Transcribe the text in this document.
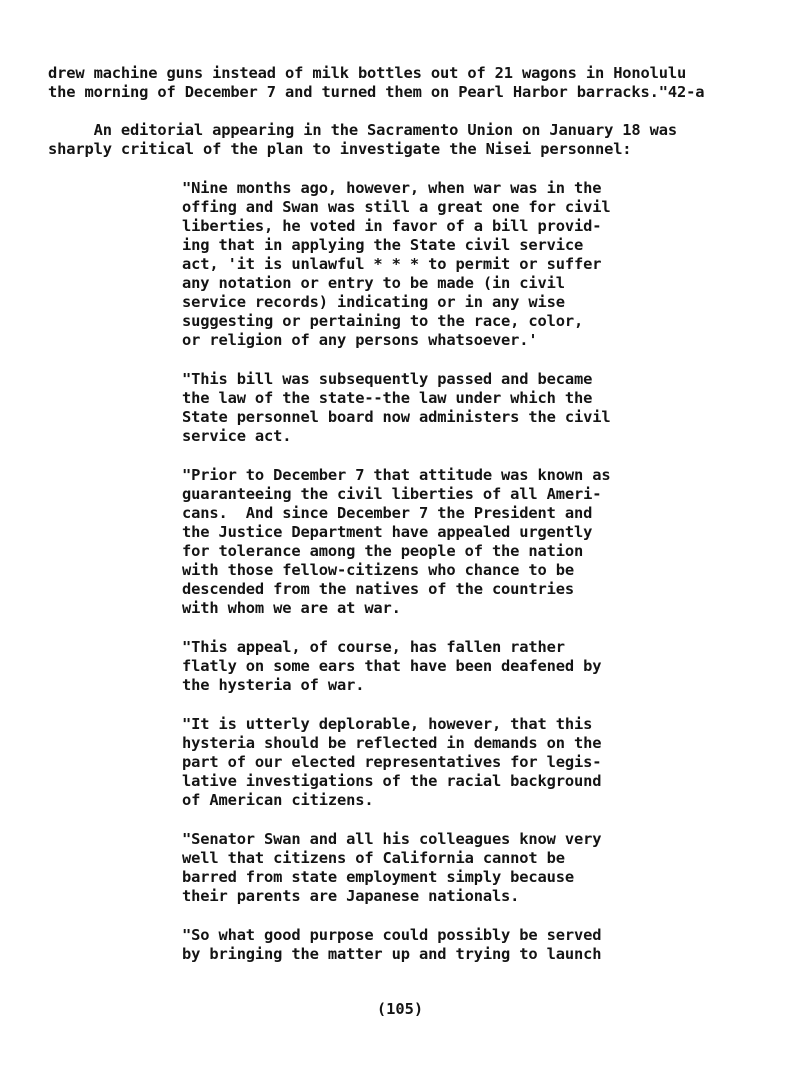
drew machine guns instead of milk bottles out of 21 wagons in Honolulu
the morning of December 7 and turned them on Pearl Harbor barracks."42-a
An editorial appearing in the Sacramento Union on January 18 was
sharply critical of the plan to investigate the Nisei personnel:
"Nine months ago, however, when war was in the
offing and Swan was still a great one for civil
liberties, he voted in favor of a bill provid-
ing that in applying the State civil service
act, 'it is unlawful * * * to permit or suffer
any notation or entry to be made (in civil
service records) indicating or in any wise
suggesting or pertaining to the race, color,
or religion of any persons whatsoever.'
"This bill was subsequently passed and became
the law of the state--the law under which the
State personnel board now administers the civil
service act.
"Prior to December 7 that attitude was known as
guaranteeing the civil liberties of all Ameri-
cans.  And since December 7 the President and
the Justice Department have appealed urgently
for tolerance among the people of the nation
with those fellow-citizens who chance to be
descended from the natives of the countries
with whom we are at war.
"This appeal, of course, has fallen rather
flatly on some ears that have been deafened by
the hysteria of war.
"It is utterly deplorable, however, that this
hysteria should be reflected in demands on the
part of our elected representatives for legis-
lative investigations of the racial background
of American citizens.
"Senator Swan and all his colleagues know very
well that citizens of California cannot be
barred from state employment simply because
their parents are Japanese nationals.
"So what good purpose could possibly be served
by bringing the matter up and trying to launch
(105)
